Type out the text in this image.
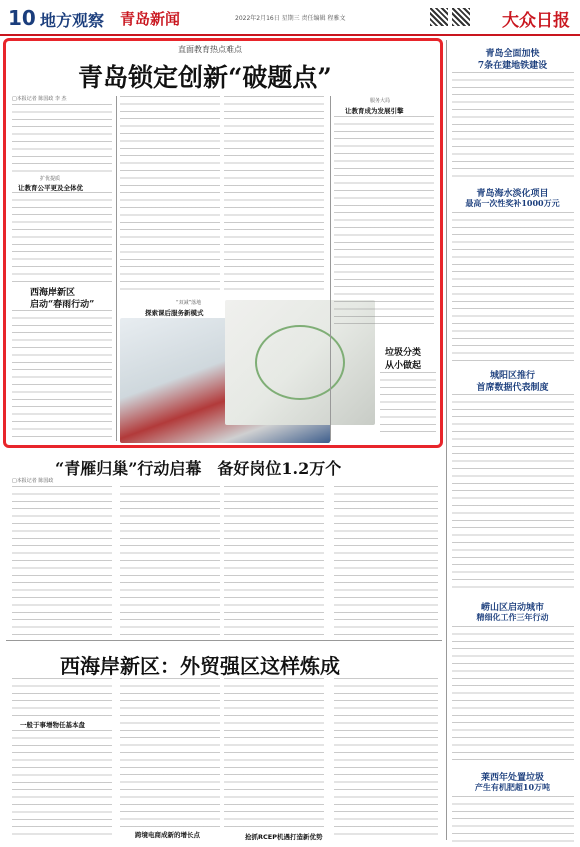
10 地方观察 青岛新闻	2022年2月16日 星期三 责任编辑 程雅文	大众日报
直面教育热点难点
青岛锁定创新“破题点”
□本报记者 陈国政 李 杰
扩优提质
让教育公平更及全体优
西海岸新区
启动“春雨行动”	“双减”落地
探索课后服务新模式
服务大局
让教育成为发展引擎
垃圾分类
从小做起
“青雁归巢”行动启幕　备好岗位1.2万个
□本报记者 陈国政
西海岸新区：外贸强区这样炼成
一般于事增物任基本盘
跨境电商成新的增长点	抢抓RCEP机遇打造新优势
青岛全面加快
7条在建地铁建设
青岛海水淡化项目
最高一次性奖补1000万元
城阳区推行
首席数据代表制度
崂山区启动城市
精细化工作三年行动
莱西年处置垃圾
产生有机肥超10万吨
